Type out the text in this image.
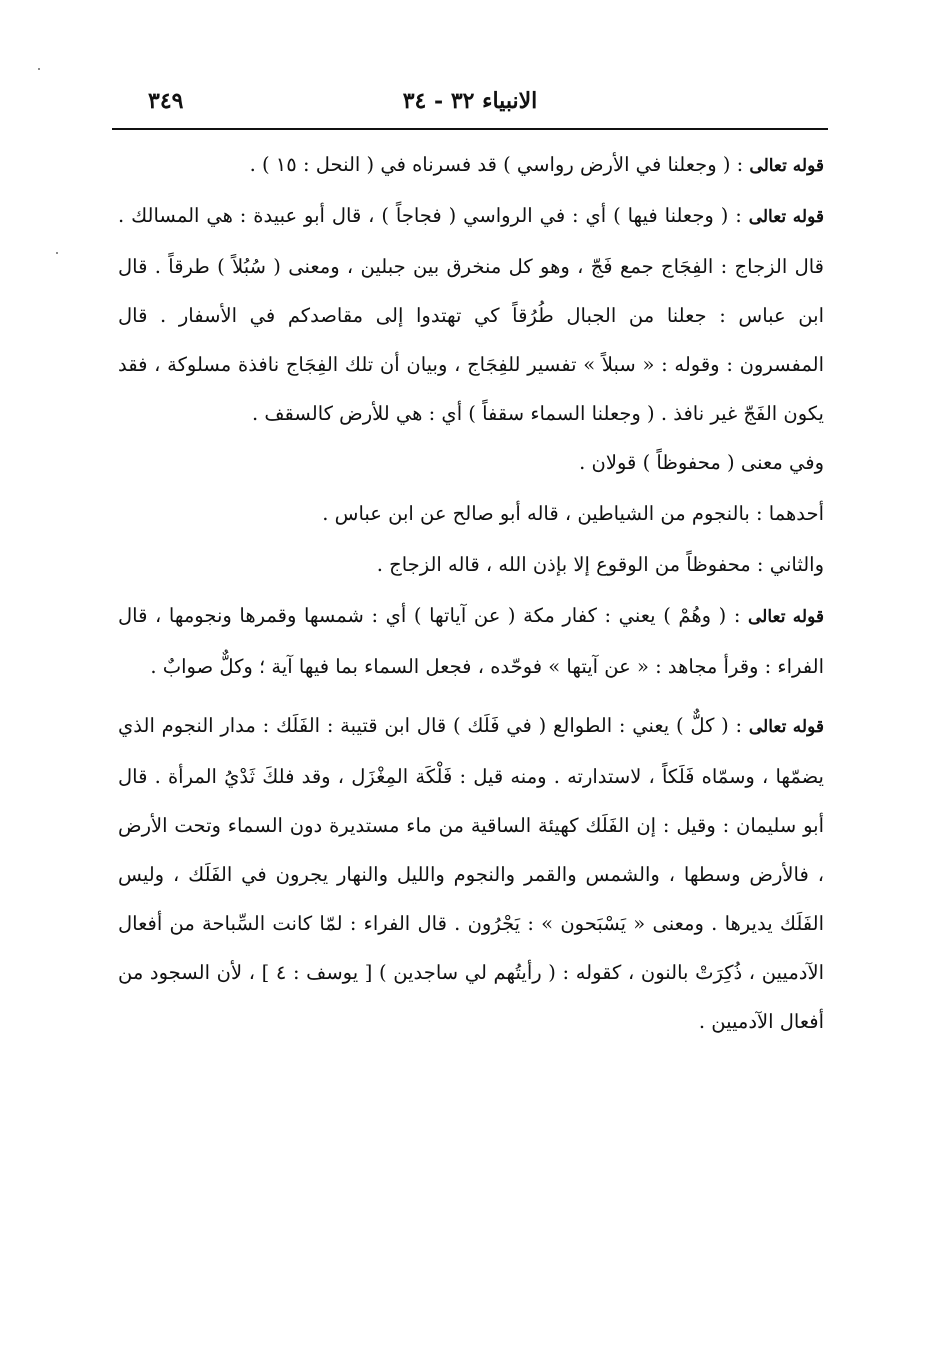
الانبياء ٣٢ - ٣٤
٣٤٩

قوله تعالى : ( وجعلنا في الأرض رواسي ) قد فسرناه في ( النحل : ١٥ ) .

قوله تعالى : ( وجعلنا فيها ) أي : في الرواسي ( فجاجاً ) ، قال أبو عبيدة : هي المسالك . قال الزجاج : الفِجَاج جمع فَجّ ، وهو كل منخرق بين جبلين ، ومعنى ( سُبُلاً ) طرقاً . قال ابن عباس : جعلنا من الجبال طُرُقاً كي تهتدوا إلى مقاصدكم في الأسفار . قال المفسرون : وقوله : « سبلاً » تفسير للفِجَاج ، وبيان أن تلك الفِجَاج نافذة مسلوكة ، فقد يكون الفَجّ غير نافذ . ( وجعلنا السماء سقفاً ) أي : هي للأرض كالسقف .

وفي معنى ( محفوظاً ) قولان .

أحدهما : بالنجوم من الشياطين ، قاله أبو صالح عن ابن عباس .

والثاني : محفوظاً من الوقوع إلا بإذن الله ، قاله الزجاج .

قوله تعالى : ( وهُمْ ) يعني : كفار مكة ( عن آياتها ) أي : شمسها وقمرها ونجومها ، قال الفراء : وقرأ مجاهد : « عن آيتها » فوحّده ، فجعل السماء بما فيها آية ؛ وكلٌّ صوابٌ .

قوله تعالى : ( كلٌّ ) يعني : الطوالع ( في فَلَك ) قال ابن قتيبة : الفَلَك : مدار النجوم الذي يضمّها ، وسمّاه فَلَكاً ، لاستدارته . ومنه قيل : فَلْكَة المِغْزَل ، وقد فلكَ ثَدْيُ المرأة . قال أبو سليمان : وقيل : إن الفَلَك كهيئة الساقية من ماء مستديرة دون السماء وتحت الأرض ، فالأرض وسطها ، والشمس والقمر والنجوم والليل والنهار يجرون في الفَلَك ، وليس الفَلَك يديرها . ومعنى « يَسْبَحون » : يَجْرُون . قال الفراء : لمّا كانت السِّباحة من أفعال الآدميين ، ذُكِرَتْ بالنون ، كقوله : ( رأيتُهم لي ساجدين ) [ يوسف : ٤ ] ، لأن السجود من أفعال الآدميين .
